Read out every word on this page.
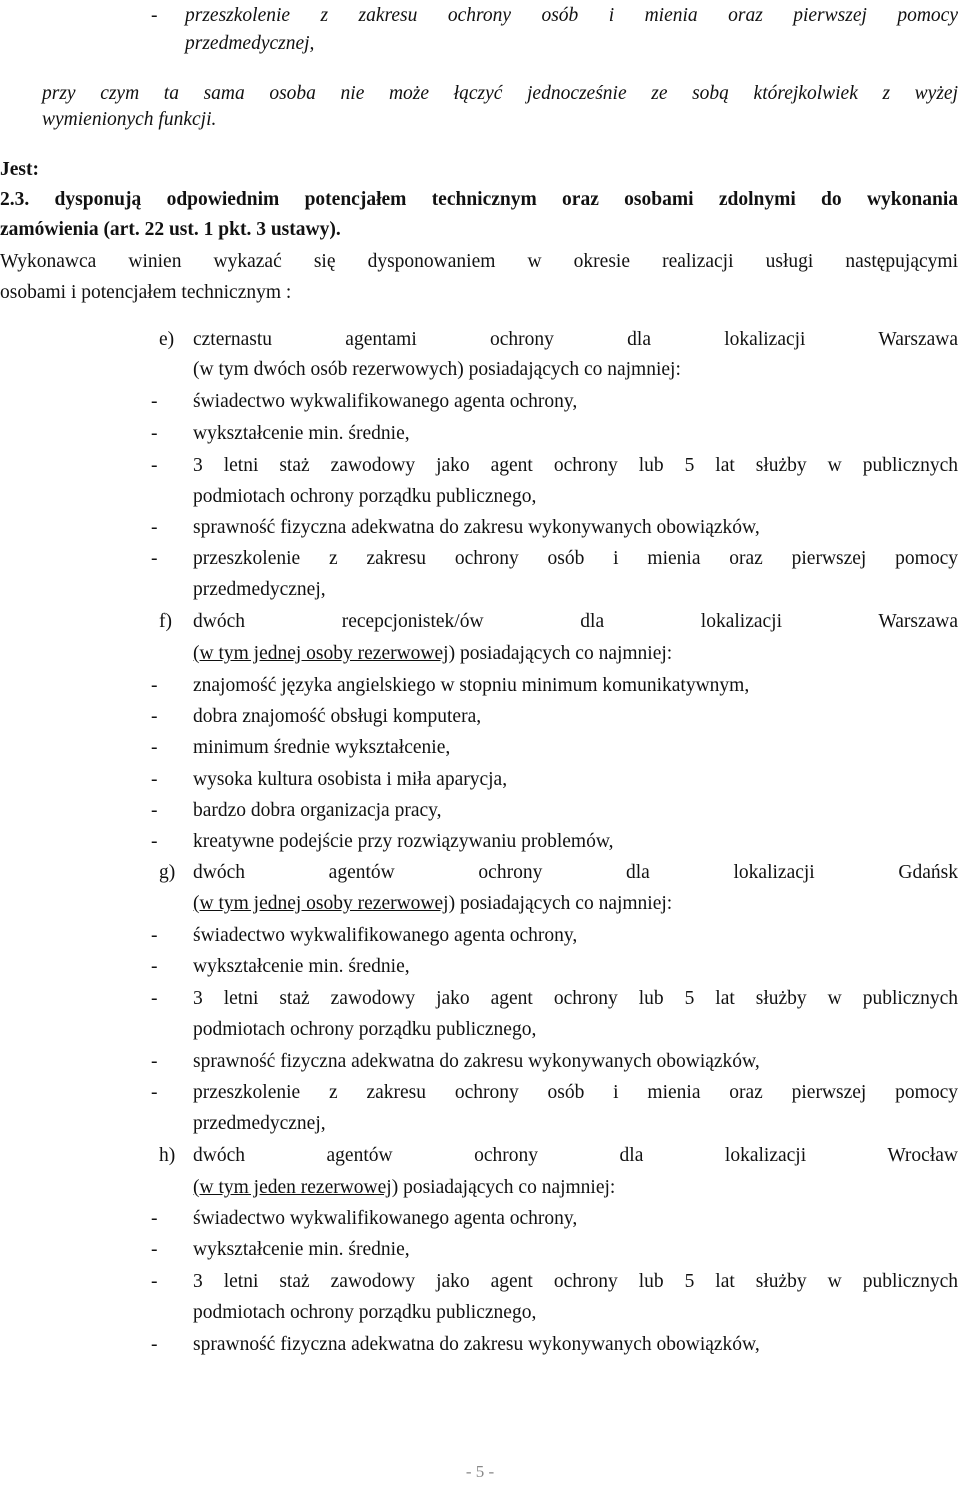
- przeszkolenie z zakresu ochrony osób i mienia oraz pierwszej pomocy
przedmedycznej,
przy czym ta sama osoba nie może łączyć jednocześnie ze sobą którejkolwiek z wyżej
wymienionych funkcji.
Jest:
2.3. dysponują odpowiednim potencjałem technicznym oraz osobami zdolnymi do wykonania
zamówienia (art. 22 ust. 1 pkt. 3 ustawy).
Wykonawca winien wykazać się dysponowaniem w okresie realizacji usługi następującymi
osobami i potencjałem technicznym :
e) czternastu agentami ochrony dla lokalizacji Warszawa
(w tym dwóch osób rezerwowych) posiadających co najmniej:
- świadectwo wykwalifikowanego agenta ochrony,
- wykształcenie min. średnie,
- 3 letni staż zawodowy jako agent ochrony lub 5 lat służby w publicznych
podmiotach ochrony porządku publicznego,
- sprawność fizyczna adekwatna do zakresu wykonywanych obowiązków,
- przeszkolenie z zakresu ochrony osób i mienia oraz pierwszej pomocy
przedmedycznej,
f) dwóch recepcjonistek/ów dla lokalizacji Warszawa
(w tym jednej osoby rezerwowej) posiadających co najmniej:
- znajomość języka angielskiego w stopniu minimum komunikatywnym,
- dobra znajomość obsługi komputera,
- minimum średnie wykształcenie,
- wysoka kultura osobista i miła aparycja,
- bardzo dobra organizacja pracy,
- kreatywne podejście przy rozwiązywaniu problemów,
g) dwóch agentów ochrony dla lokalizacji Gdańsk
(w tym jednej osoby rezerwowej) posiadających co najmniej:
- świadectwo wykwalifikowanego agenta ochrony,
- wykształcenie min. średnie,
- 3 letni staż zawodowy jako agent ochrony lub 5 lat służby w publicznych
podmiotach ochrony porządku publicznego,
- sprawność fizyczna adekwatna do zakresu wykonywanych obowiązków,
- przeszkolenie z zakresu ochrony osób i mienia oraz pierwszej pomocy
przedmedycznej,
h) dwóch agentów ochrony dla lokalizacji Wrocław
(w tym jeden rezerwowej) posiadających co najmniej:
- świadectwo wykwalifikowanego agenta ochrony,
- wykształcenie min. średnie,
- 3 letni staż zawodowy jako agent ochrony lub 5 lat służby w publicznych
podmiotach ochrony porządku publicznego,
- sprawność fizyczna adekwatna do zakresu wykonywanych obowiązków,
- 5 -
